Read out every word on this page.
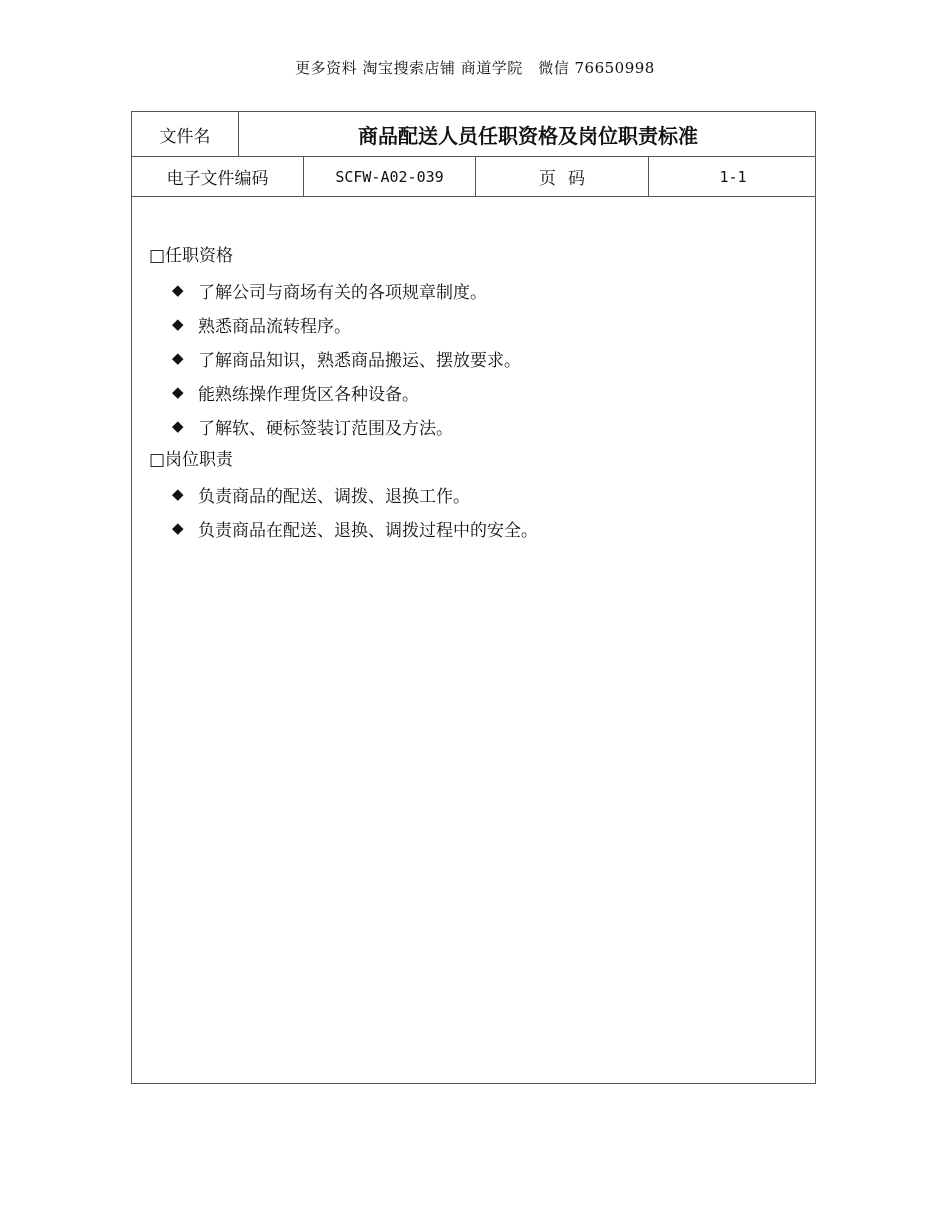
更多资料 淘宝搜索店铺 商道学院　微信 76650998
文件名	商品配送人员任职资格及岗位职责标准
电子文件编码	SCFW-A02-039	页码	1-1
□任职资格
◆ 了解公司与商场有关的各项规章制度。
◆ 熟悉商品流转程序。
◆ 了解商品知识，熟悉商品搬运、摆放要求。
◆ 能熟练操作理货区各种设备。
◆ 了解软、硬标签装订范围及方法。
□岗位职责
◆ 负责商品的配送、调拨、退换工作。
◆ 负责商品在配送、退换、调拨过程中的安全。
